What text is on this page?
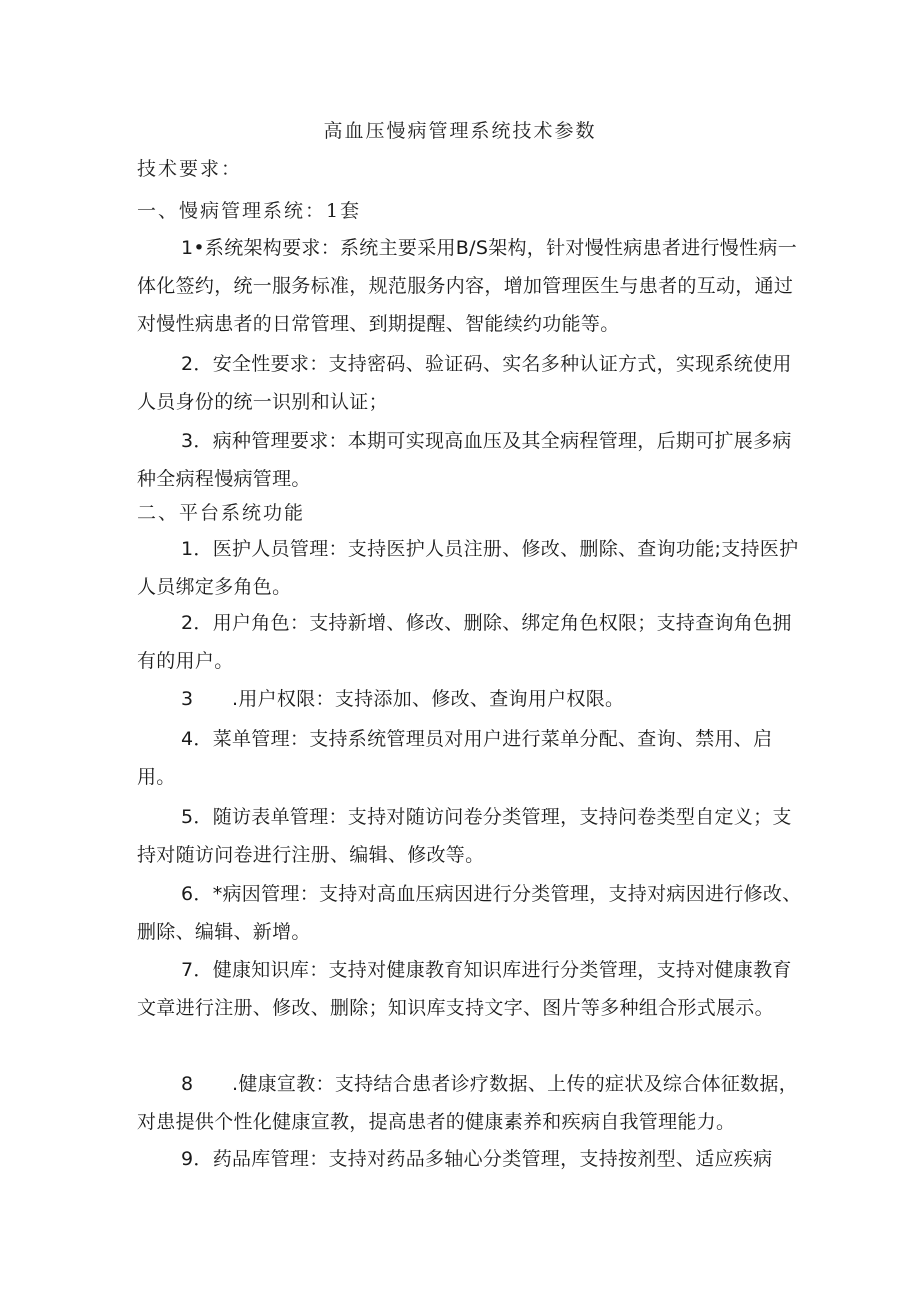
高血压慢病管理系统技术参数
技术要求：
一、慢病管理系统：1套

1•系统架构要求：系统主要采用B/S架构，针对慢性病患者进行慢性病一体化签约，统一服务标准，规范服务内容，增加管理医生与患者的互动，通过对慢性病患者的日常管理、到期提醒、智能续约功能等。

2．安全性要求：支持密码、验证码、实名多种认证方式，实现系统使用人员身份的统一识别和认证；

3．病种管理要求：本期可实现高血压及其全病程管理，后期可扩展多病种全病程慢病管理。

二、平台系统功能

1．医护人员管理：支持医护人员注册、修改、删除、查询功能;支持医护人员绑定多角色。

2．用户角色：支持新增、修改、删除、绑定角色权限；支持查询角色拥有的用户。

3　　.用户权限：支持添加、修改、查询用户权限。

4．菜单管理：支持系统管理员对用户进行菜单分配、查询、禁用、启用。

5．随访表单管理：支持对随访问卷分类管理，支持问卷类型自定义；支持对随访问卷进行注册、编辑、修改等。

6．*病因管理：支持对高血压病因进行分类管理，支持对病因进行修改、删除、编辑、新增。

7．健康知识库：支持对健康教育知识库进行分类管理，支持对健康教育文章进行注册、修改、删除；知识库支持文字、图片等多种组合形式展示。

8　　.健康宣教：支持结合患者诊疗数据、上传的症状及综合体征数据，对患提供个性化健康宣教，提高患者的健康素养和疾病自我管理能力。

9．药品库管理：支持对药品多轴心分类管理，支持按剂型、适应疾病
